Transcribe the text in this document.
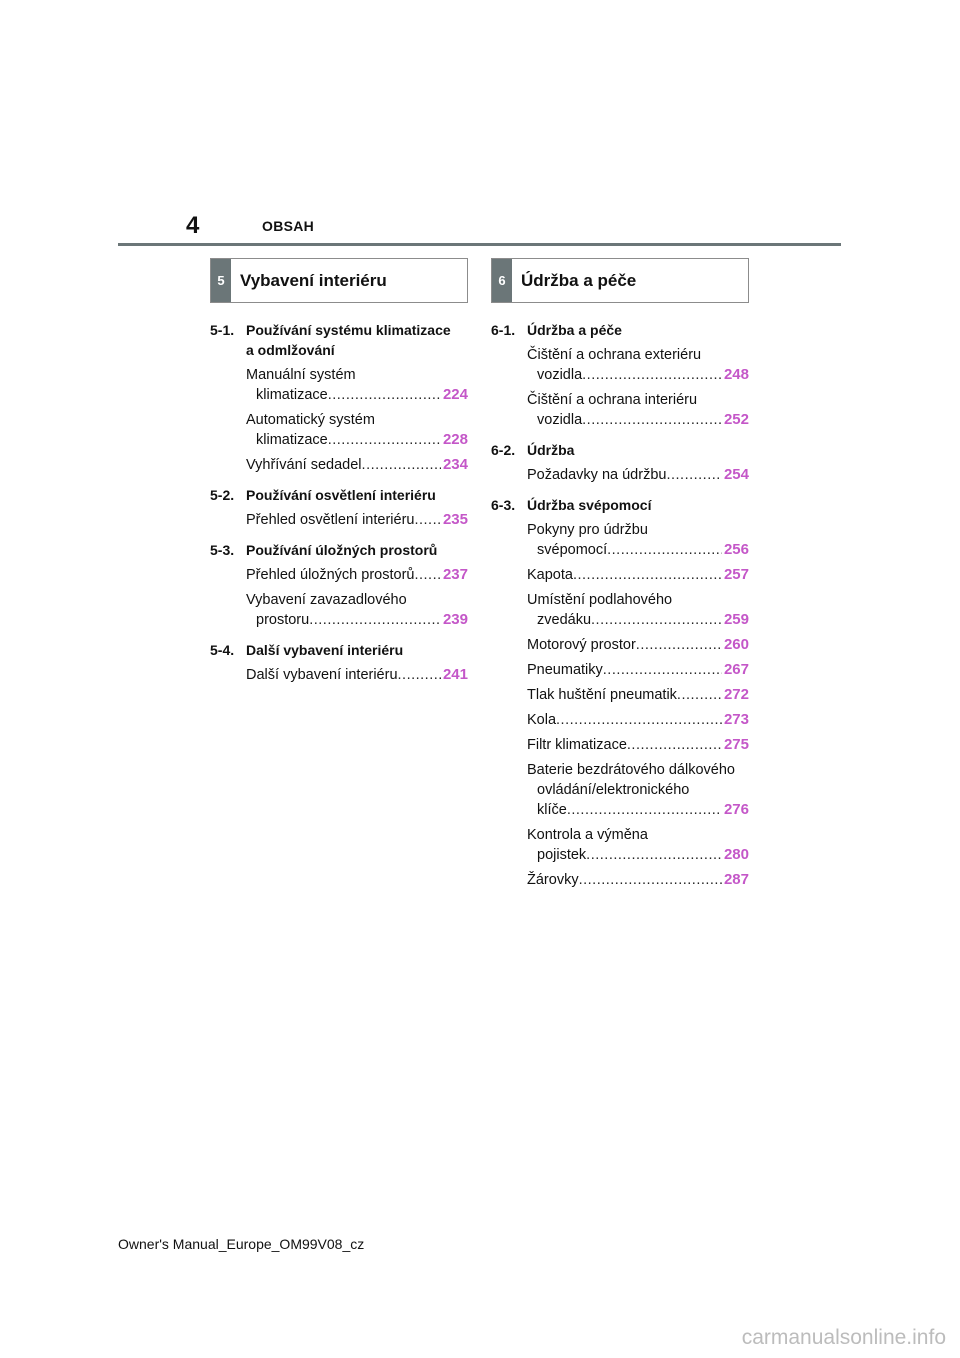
4	OBSAH
5 Vybavení interiéru	6 Údržba a péče
5-1. Používání systému klimatizace
a odmlžování
Manuální systém
klimatizace .....	224
Automatický systém
klimatizace .....	228
Vyhřívání sedadel .....	234
5-2. Používání osvětlení interiéru
Přehled osvětlení interiéru ..... 235
5-3. Používání úložných prostorů
Přehled úložných prostorů ..... 237
Vybavení zavazadlového
prostoru .....	239
5-4. Další vybavení interiéru
Další vybavení interiéru .....	241
6-1. Údržba a péče
Čištění a ochrana exteriéru
vozidla .....	248
Čištění a ochrana interiéru
vozidla .....	252
6-2. Údržba
Požadavky na údržbu .....	254
6-3. Údržba svépomocí
Pokyny pro údržbu
svépomocí .....	256
Kapota .....	257
Umístění podlahového
zvedáku .....	259
Motorový prostor .....	260
Pneumatiky .....	267
Tlak huštění pneumatik .....	272
Kola .....	273
Filtr klimatizace .....	275
Baterie bezdrátového dálkového
ovládání/elektronického
klíče .....	276
Kontrola a výměna
pojistek .....	280
Žárovky .....	287
Owner's Manual_Europe_OM99V08_cz
carmanualsonline.info
